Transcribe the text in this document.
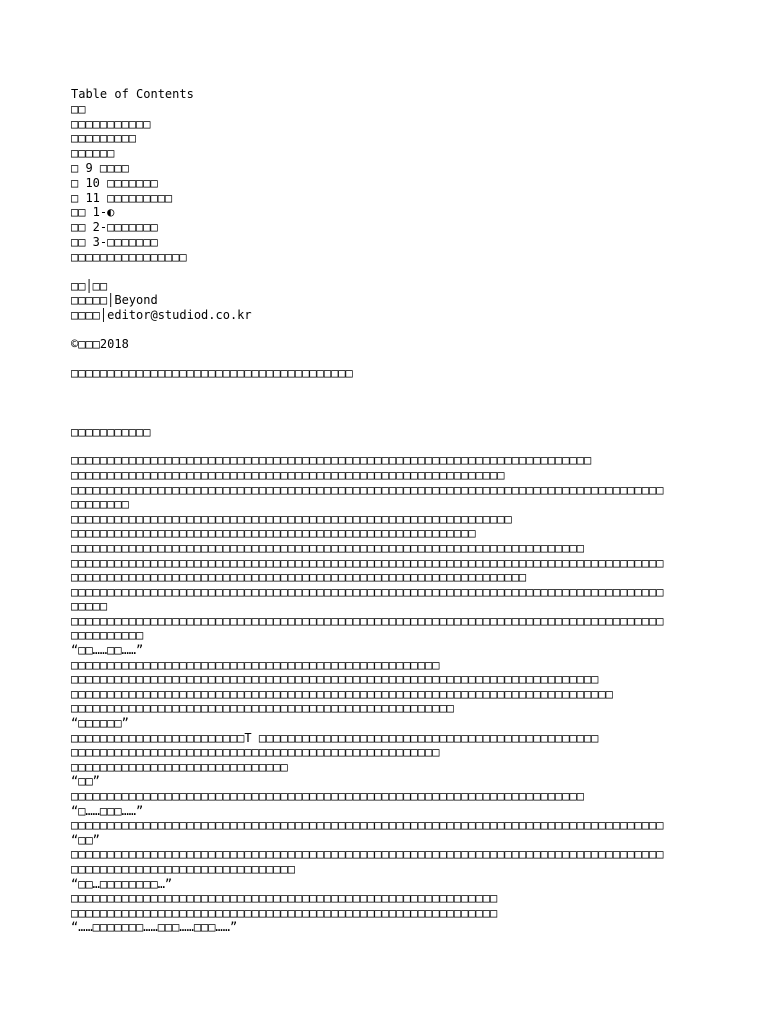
Table of Contents
□□
□□□□□□□□□□□
□□□□□□□□□
□□□□□□
□ 9 □□□□
□ 10 □□□□□□□
□ 11 □□□□□□□□□
□□ 1-◐
□□ 2-□□□□□□□
□□ 3-□□□□□□□
□□□□□□□□□□□□□□□□
□□│□□
□□□□□│Beyond
□□□□│editor@studiod.co.kr
©□□□2018
□□□□□□□□□□□□□□□□□□□□□□□□□□□□□□□□□□□□□□□
□□□□□□□□□□□
□□□□□□□□□□□□□□□□□□□□□□□□□□□□□□□□□□□□□□□□□□□□□□□□□□□□□□□□□□□□□□□□□□□□□□□□
□□□□□□□□□□□□□□□□□□□□□□□□□□□□□□□□□□□□□□□□□□□□□□□□□□□□□□□□□□□□
□□□□□□□□□□□□□□□□□□□□□□□□□□□□□□□□□□□□□□□□□□□□□□□□□□□□□□□□□□□□□□□□□□□□□□□□□□□□□□□□□□
□□□□□□□□
□□□□□□□□□□□□□□□□□□□□□□□□□□□□□□□□□□□□□□□□□□□□□□□□□□□□□□□□□□□□□
□□□□□□□□□□□□□□□□□□□□□□□□□□□□□□□□□□□□□□□□□□□□□□□□□□□□□□□□
□□□□□□□□□□□□□□□□□□□□□□□□□□□□□□□□□□□□□□□□□□□□□□□□□□□□□□□□□□□□□□□□□□□□□□□
□□□□□□□□□□□□□□□□□□□□□□□□□□□□□□□□□□□□□□□□□□□□□□□□□□□□□□□□□□□□□□□□□□□□□□□□□□□□□□□□□□
□□□□□□□□□□□□□□□□□□□□□□□□□□□□□□□□□□□□□□□□□□□□□□□□□□□□□□□□□□□□□□□
□□□□□□□□□□□□□□□□□□□□□□□□□□□□□□□□□□□□□□□□□□□□□□□□□□□□□□□□□□□□□□□□□□□□□□□□□□□□□□□□□□
□□□□□
□□□□□□□□□□□□□□□□□□□□□□□□□□□□□□□□□□□□□□□□□□□□□□□□□□□□□□□□□□□□□□□□□□□□□□□□□□□□□□□□□□
□□□□□□□□□□
“□□……□□……”
□□□□□□□□□□□□□□□□□□□□□□□□□□□□□□□□□□□□□□□□□□□□□□□□□□□
□□□□□□□□□□□□□□□□□□□□□□□□□□□□□□□□□□□□□□□□□□□□□□□□□□□□□□□□□□□□□□□□□□□□□□□□□
□□□□□□□□□□□□□□□□□□□□□□□□□□□□□□□□□□□□□□□□□□□□□□□□□□□□□□□□□□□□□□□□□□□□□□□□□□□
□□□□□□□□□□□□□□□□□□□□□□□□□□□□□□□□□□□□□□□□□□□□□□□□□□□□□
“□□□□□□”
□□□□□□□□□□□□□□□□□□□□□□□□T □□□□□□□□□□□□□□□□□□□□□□□□□□□□□□□□□□□□□□□□□□□□□□□
□□□□□□□□□□□□□□□□□□□□□□□□□□□□□□□□□□□□□□□□□□□□□□□□□□□
□□□□□□□□□□□□□□□□□□□□□□□□□□□□□□
“□□”
□□□□□□□□□□□□□□□□□□□□□□□□□□□□□□□□□□□□□□□□□□□□□□□□□□□□□□□□□□□□□□□□□□□□□□□
“□……□□□……”
□□□□□□□□□□□□□□□□□□□□□□□□□□□□□□□□□□□□□□□□□□□□□□□□□□□□□□□□□□□□□□□□□□□□□□□□□□□□□□□□□□
“□□”
□□□□□□□□□□□□□□□□□□□□□□□□□□□□□□□□□□□□□□□□□□□□□□□□□□□□□□□□□□□□□□□□□□□□□□□□□□□□□□□□□□
□□□□□□□□□□□□□□□□□□□□□□□□□□□□□□□
“□□…□□□□□□□□…”
□□□□□□□□□□□□□□□□□□□□□□□□□□□□□□□□□□□□□□□□□□□□□□□□□□□□□□□□□□□
□□□□□□□□□□□□□□□□□□□□□□□□□□□□□□□□□□□□□□□□□□□□□□□□□□□□□□□□□□□
“……□□□□□□□……□□□……□□□……”
